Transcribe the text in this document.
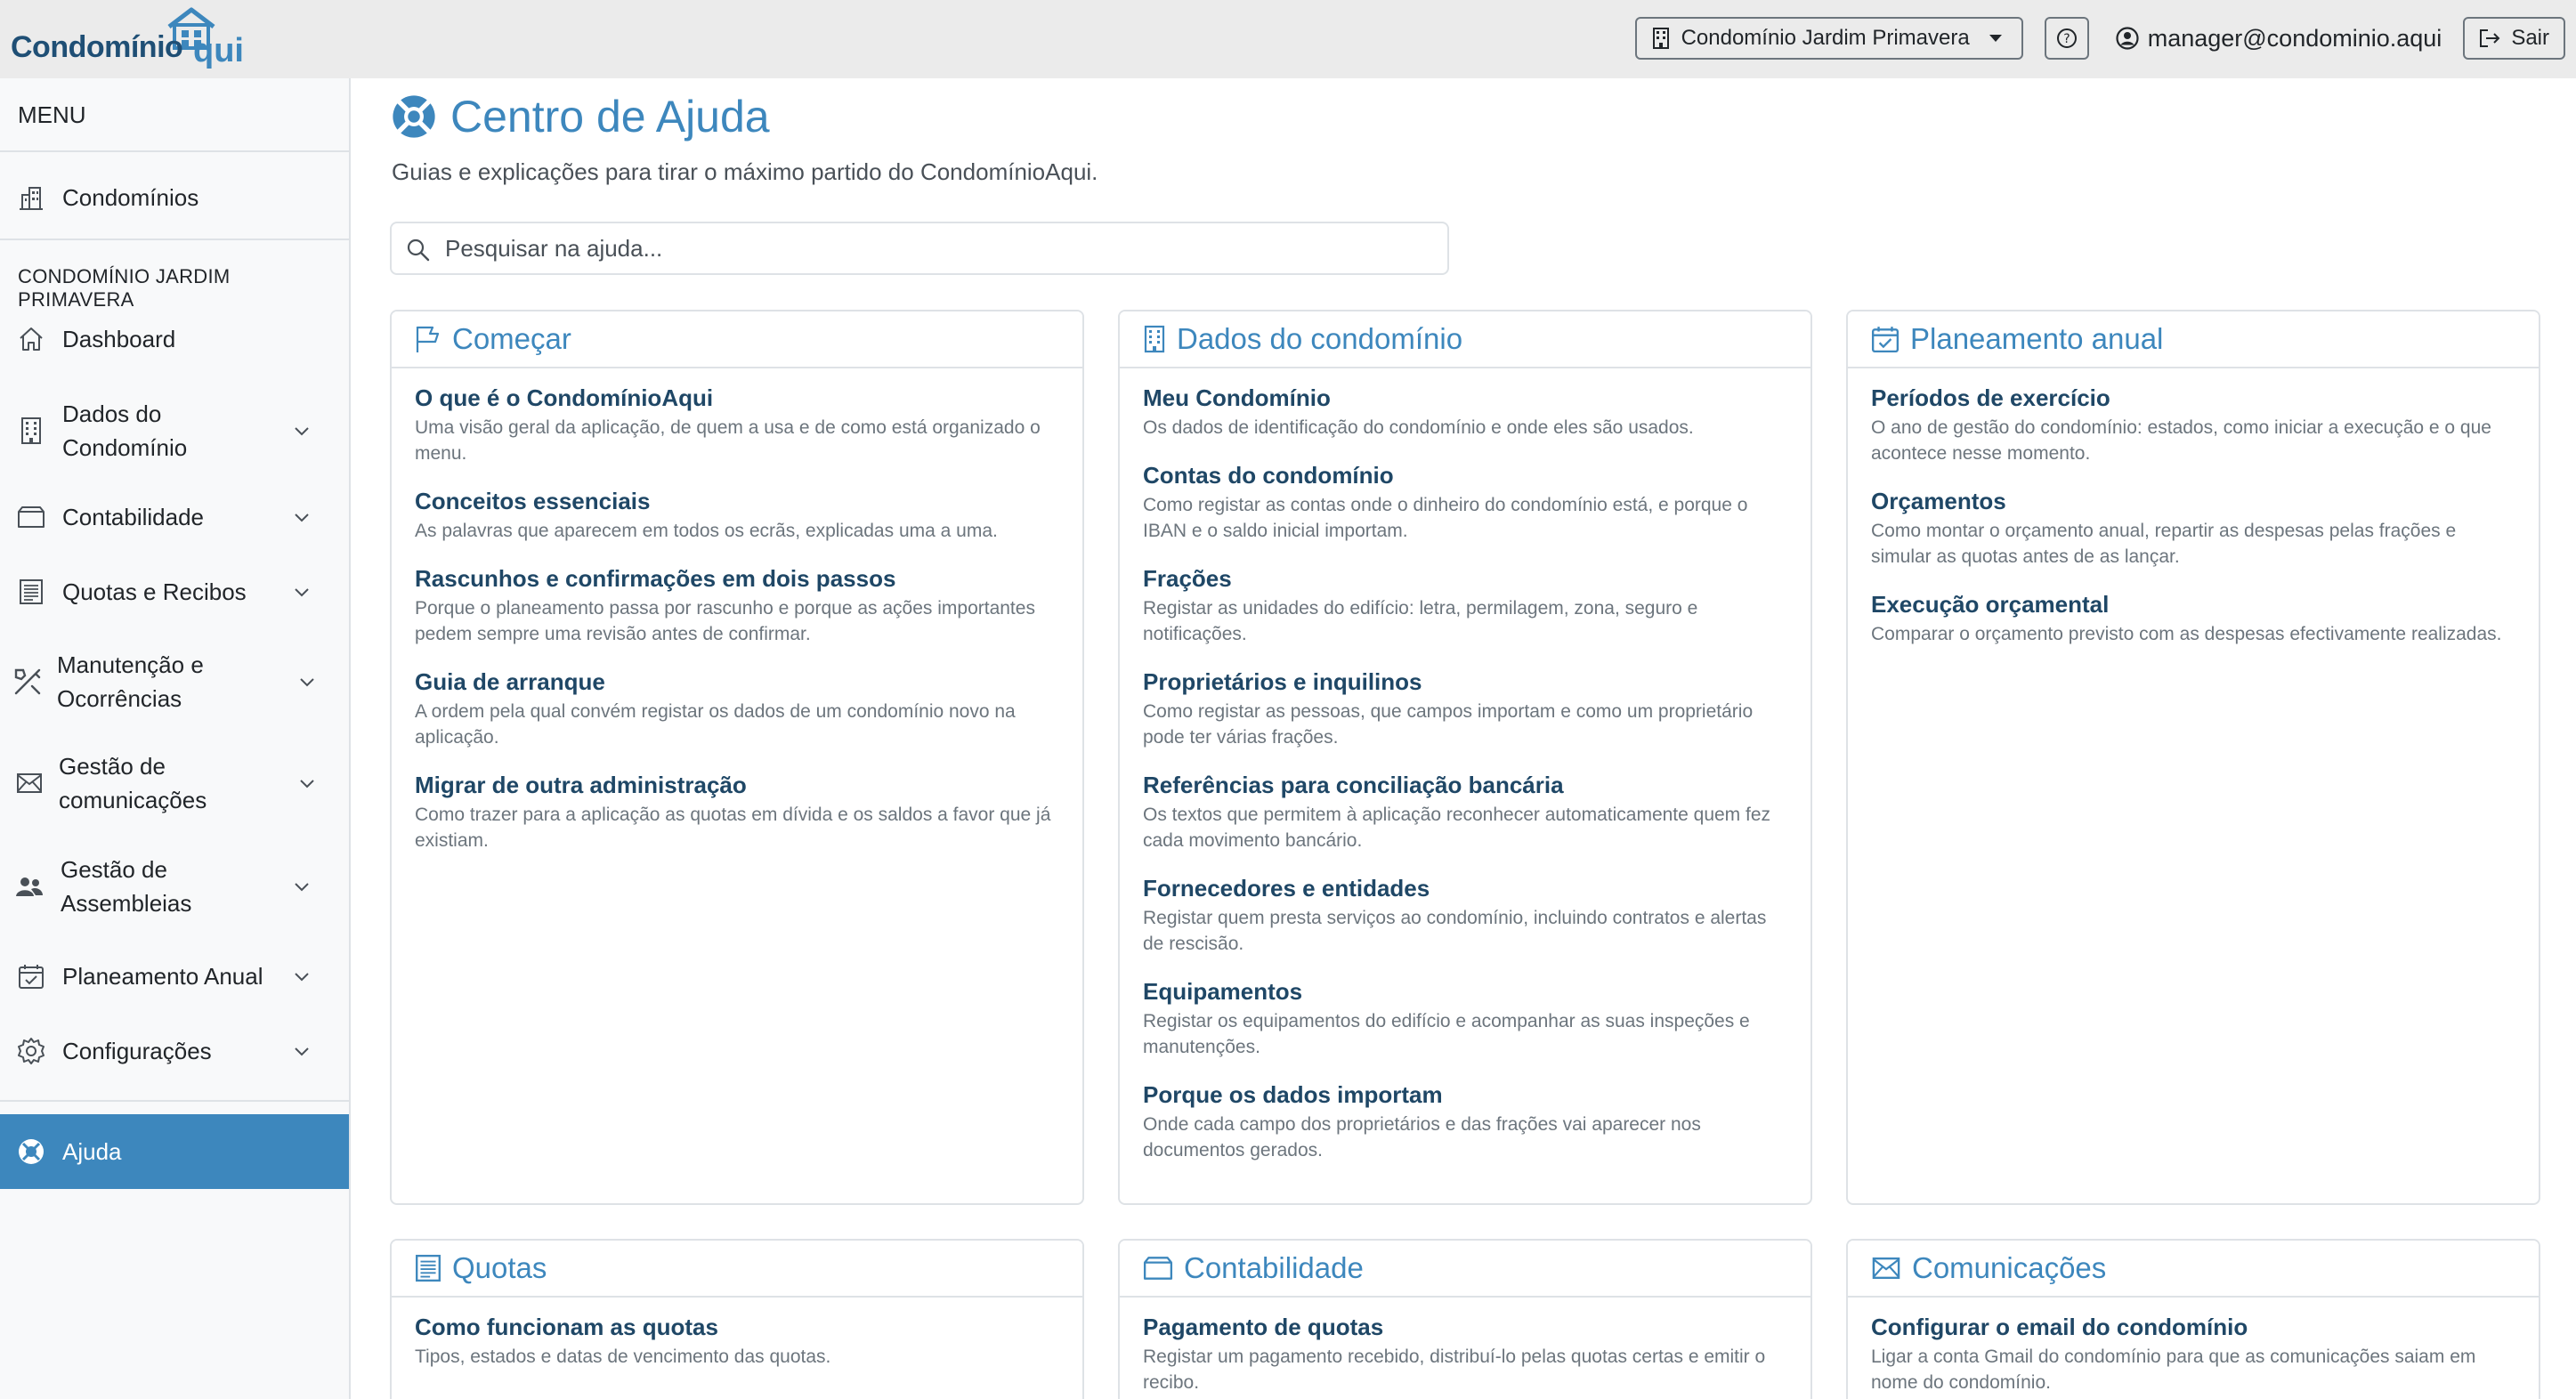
Condomínio qui	Condomínio Jardim Primavera	?	manager@condominio.aqui	Sair
MENU
Condomínios
CONDOMÍNIO JARDIM PRIMAVERA
Dashboard
Dados do
Condomínio
Contabilidade
Quotas e Recibos
Manutenção e
Ocorrências
Gestão de
comunicações
Gestão de
Assembleias
Planeamento Anual
Configurações
Ajuda
Centro de Ajuda
Guias e explicações para tirar o máximo partido do CondomínioAqui.
Pesquisar na ajuda...
Começar
O que é o CondomínioAqui

Uma visão geral da aplicação, de quem a usa e de como está organizado o menu.

Conceitos essenciais

As palavras que aparecem em todos os ecrãs, explicadas uma a uma.

Rascunhos e confirmações em dois passos

Porque o planeamento passa por rascunho e porque as ações importantes pedem sempre uma revisão antes de confirmar.

Guia de arranque

A ordem pela qual convém registar os dados de um condomínio novo na aplicação.

Migrar de outra administração

Como trazer para a aplicação as quotas em dívida e os saldos a favor que já existiam.

Dados do condomínio
Meu Condomínio

Os dados de identificação do condomínio e onde eles são usados.

Contas do condomínio

Como registar as contas onde o dinheiro do condomínio está, e porque o IBAN e o saldo inicial importam.

Frações

Registar as unidades do edifício: letra, permilagem, zona, seguro e notificações.

Proprietários e inquilinos

Como registar as pessoas, que campos importam e como um proprietário pode ter várias frações.

Referências para conciliação bancária

Os textos que permitem à aplicação reconhecer automaticamente quem fez cada movimento bancário.

Fornecedores e entidades

Registar quem presta serviços ao condomínio, incluindo contratos e alertas de rescisão.

Equipamentos

Registar os equipamentos do edifício e acompanhar as suas inspeções e manutenções.

Porque os dados importam

Onde cada campo dos proprietários e das frações vai aparecer nos documentos gerados.

Planeamento anual
Períodos de exercício

O ano de gestão do condomínio: estados, como iniciar a execução e o que acontece nesse momento.

Orçamentos

Como montar o orçamento anual, repartir as despesas pelas frações e simular as quotas antes de as lançar.

Execução orçamental

Comparar o orçamento previsto com as despesas efectivamente realizadas.

Quotas
Como funcionam as quotas

Tipos, estados e datas de vencimento das quotas.

Contabilidade
Pagamento de quotas

Registar um pagamento recebido, distribuí-lo pelas quotas certas e emitir o recibo.

Comunicações
Configurar o email do condomínio

Ligar a conta Gmail do condomínio para que as comunicações saiam em nome do condomínio.
